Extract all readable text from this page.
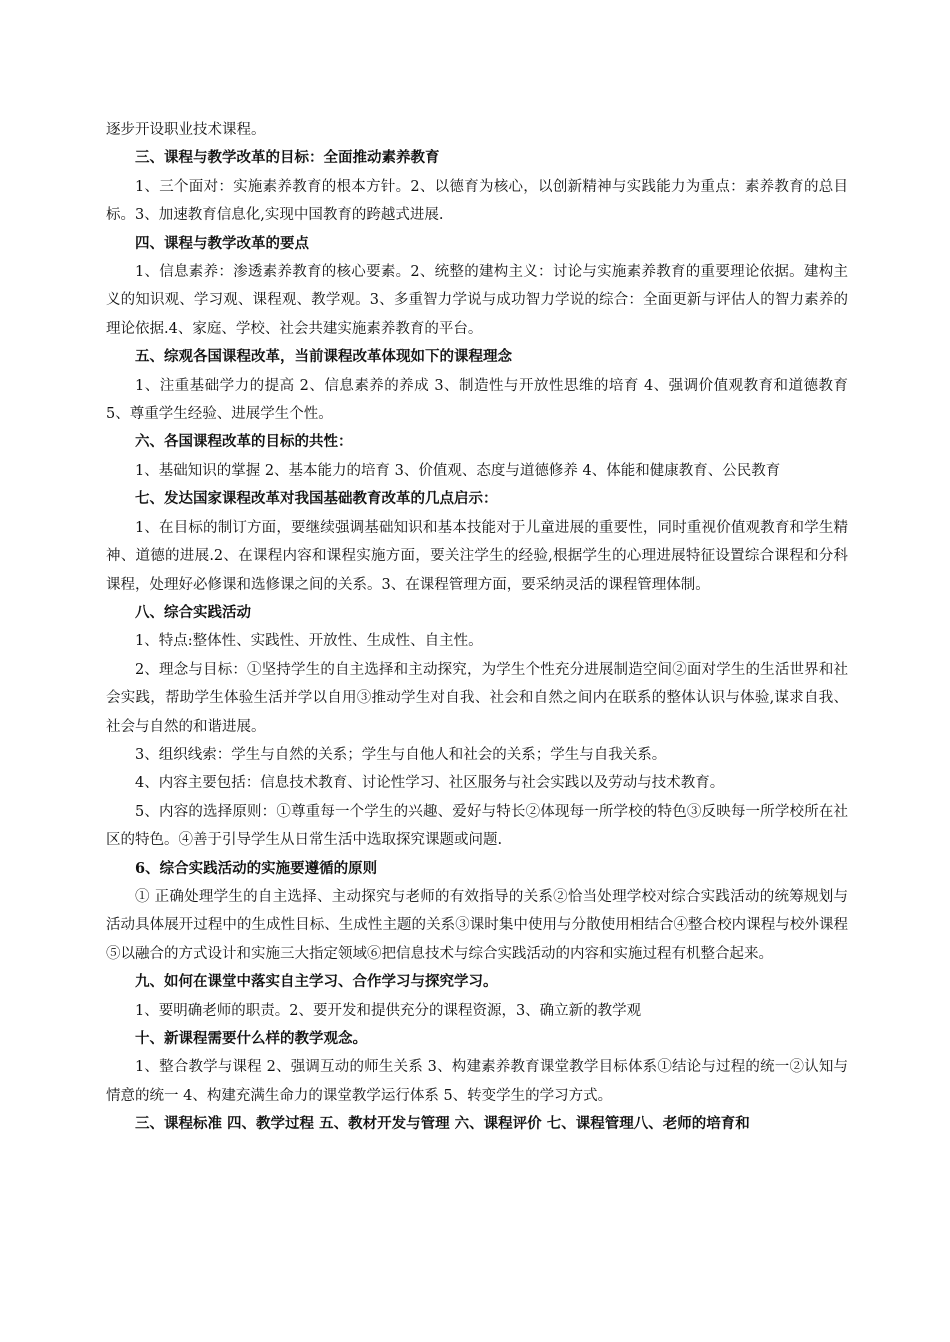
逐步开设职业技术课程。

三、课程与教学改革的目标：全面推动素养教育

1、三个面对：实施素养教育的根本方针。2、以德育为核心，以创新精神与实践能力为重点：素养教育的总目标。3、加速教育信息化,实现中国教育的跨越式进展.

四、课程与教学改革的要点

1、信息素养：渗透素养教育的核心要素。2、统整的建构主义：讨论与实施素养教育的重要理论依据。建构主义的知识观、学习观、课程观、教学观。3、多重智力学说与成功智力学说的综合：全面更新与评估人的智力素养的理论依据.4、家庭、学校、社会共建实施素养教育的平台。

五、综观各国课程改革，当前课程改革体现如下的课程理念

1、注重基础学力的提高 2、信息素养的养成 3、制造性与开放性思维的培育 4、强调价值观教育和道德教育 5、尊重学生经验、进展学生个性。

六、各国课程改革的目标的共性：

1、基础知识的掌握 2、基本能力的培育 3、价值观、态度与道德修养 4、体能和健康教育、公民教育

七、发达国家课程改革对我国基础教育改革的几点启示：

1、在目标的制订方面，要继续强调基础知识和基本技能对于儿童进展的重要性，同时重视价值观教育和学生精神、道德的进展.2、在课程内容和课程实施方面，要关注学生的经验,根据学生的心理进展特征设置综合课程和分科课程，处理好必修课和选修课之间的关系。3、在课程管理方面，要采纳灵活的课程管理体制。

八、综合实践活动

1、特点:整体性、实践性、开放性、生成性、自主性。

2、理念与目标：①坚持学生的自主选择和主动探究，为学生个性充分进展制造空间②面对学生的生活世界和社会实践，帮助学生体验生活并学以自用③推动学生对自我、社会和自然之间内在联系的整体认识与体验,谋求自我、社会与自然的和谐进展。

3、组织线索：学生与自然的关系；学生与自他人和社会的关系；学生与自我关系。

4、内容主要包括：信息技术教育、讨论性学习、社区服务与社会实践以及劳动与技术教育。

5、内容的选择原则：①尊重每一个学生的兴趣、爱好与特长②体现每一所学校的特色③反映每一所学校所在社区的特色。④善于引导学生从日常生活中选取探究课题或问题.

6、综合实践活动的实施要遵循的原则

① 正确处理学生的自主选择、主动探究与老师的有效指导的关系②恰当处理学校对综合实践活动的统筹规划与活动具体展开过程中的生成性目标、生成性主题的关系③课时集中使用与分散使用相结合④整合校内课程与校外课程⑤以融合的方式设计和实施三大指定领域⑥把信息技术与综合实践活动的内容和实施过程有机整合起来。

九、如何在课堂中落实自主学习、合作学习与探究学习。

1、要明确老师的职责。2、要开发和提供充分的课程资源，3、确立新的教学观

十、新课程需要什么样的教学观念。

1、整合教学与课程 2、强调互动的师生关系 3、构建素养教育课堂教学目标体系①结论与过程的统一②认知与情意的统一 4、构建充满生命力的课堂教学运行体系 5、转变学生的学习方式。

三、课程标准 四、教学过程 五、教材开发与管理 六、课程评价 七、课程管理八、老师的培育和
